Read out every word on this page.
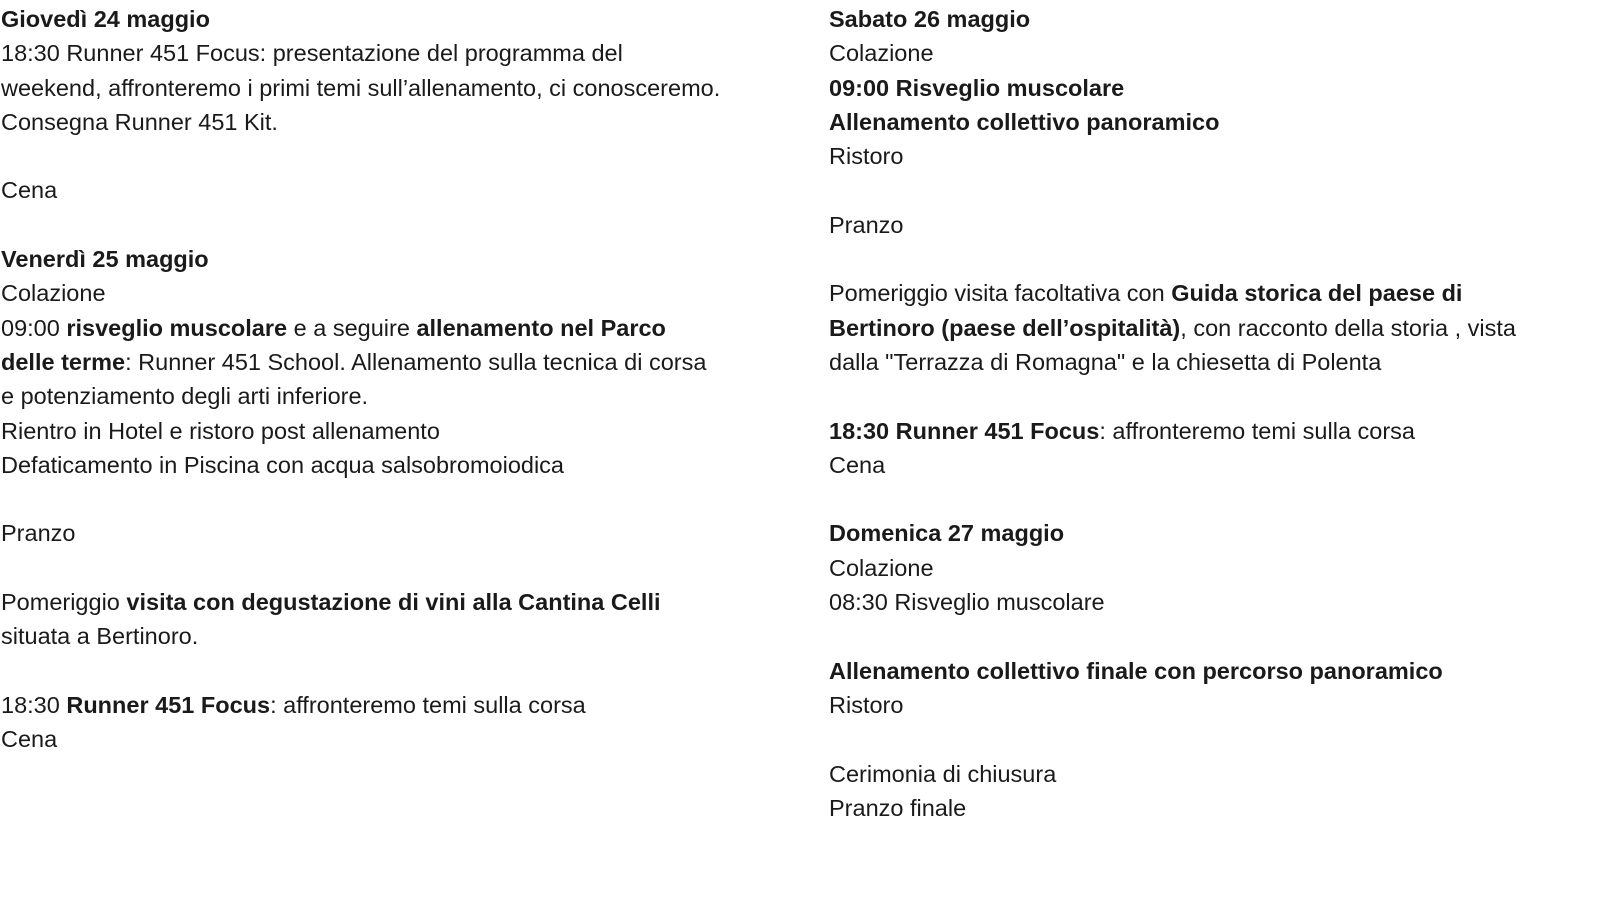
Giovedì 24 maggio
18:30 Runner 451 Focus: presentazione del programma del weekend, affronteremo i primi temi sull’allenamento, ci conosceremo. Consegna Runner 451 Kit.
Cena
Venerdì 25 maggio
Colazione
09:00 risveglio muscolare e a seguire allenamento nel Parco delle terme: Runner 451 School. Allenamento sulla tecnica di corsa e potenziamento degli arti inferiore.
Rientro in Hotel e ristoro post allenamento
Defaticamento in Piscina con acqua salsobromoiodica
Pranzo
Pomeriggio visita con degustazione di vini alla Cantina Celli situata a Bertinoro.
18:30 Runner 451 Focus: affronteremo temi sulla corsa
Cena
Sabato 26 maggio
Colazione
09:00 Risveglio muscolare
Allenamento collettivo panoramico
Ristoro
Pranzo
Pomeriggio visita facoltativa con Guida storica del paese di Bertinoro (paese dell’ospitalità), con racconto della storia , vista dalla "Terrazza di Romagna" e la chiesetta di Polenta
18:30 Runner 451 Focus: affronteremo temi sulla corsa
Cena
Domenica 27 maggio
Colazione
08:30 Risveglio muscolare
Allenamento collettivo finale con percorso panoramico
Ristoro
Cerimonia di chiusura
Pranzo finale
